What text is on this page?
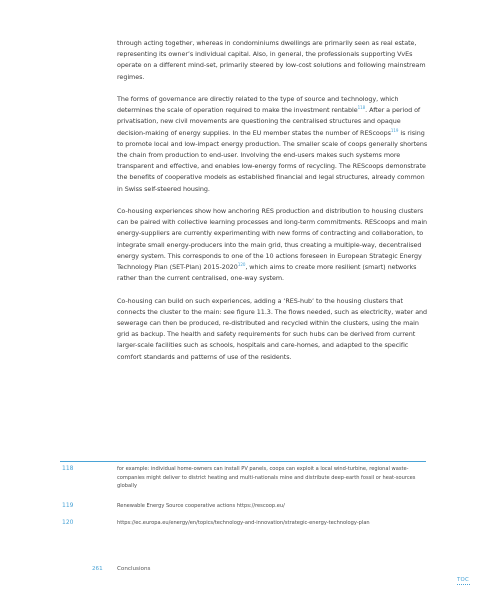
through acting together, whereas in condominiums dwellings are primarily seen as real estate, representing its owner’s individual capital. Also, in general, the professionals supporting VvEs operate on a different mind-set, primarily steered by low-cost solutions and following mainstream regimes.

The forms of governance are directly related to the type of source and technology, which determines the scale of operation required to make the investment rentable$^{118}$. After a period of privatisation, new civil movements are questioning the centralised structures and opaque decision-making of energy supplies. In the EU member states the number of REScoops$^{119}$ is rising to promote local and low-impact energy production. The smaller scale of coops generally shortens the chain from production to end-user. Involving the end-users makes such systems more transparent and effective, and enables low-energy forms of recycling. The REScoops demonstrate the benefits of cooperative models as established financial and legal structures, already common in Swiss self-steered housing.

Co-housing experiences show how anchoring RES production and distribution to housing clusters can be paired with collective learning processes and long-term commitments. REScoops and main energy-suppliers are currently experimenting with new forms of contracting and collaboration, to integrate small energy-producers into the main grid, thus creating a multiple-way, decentralised energy system. This corresponds to one of the 10 actions foreseen in European Strategic Energy Technology Plan (SET-Plan) 2015-2020$^{120}$, which aims to create more resilient (smart) networks rather than the current centralised, one-way system.

Co-housing can build on such experiences, adding a ‘RES-hub’ to the housing clusters that connects the cluster to the main: see figure 11.3. The flows needed, such as electricity, water and sewerage can then be produced, re-distributed and recycled within the clusters, using the main grid as backup. The health and safety requirements for such hubs can be derived from current larger-scale facilities such as schools, hospitals and care-homes, and adapted to the specific comfort standards and patterns of use of the residents.

118	for example: individual home-owners can install PV panels, coops can exploit a local wind-turbine, regional waste-companies might deliver to district heating and multi-nationals mine and distribute deep-earth fossil or heat-sources globally
119	Renewable Energy Source cooperative actions https://rescoop.eu/
120	https://ec.europa.eu/energy/en/topics/technology-and-innovation/strategic-energy-technology-plan
261	Conclusions
TOC
